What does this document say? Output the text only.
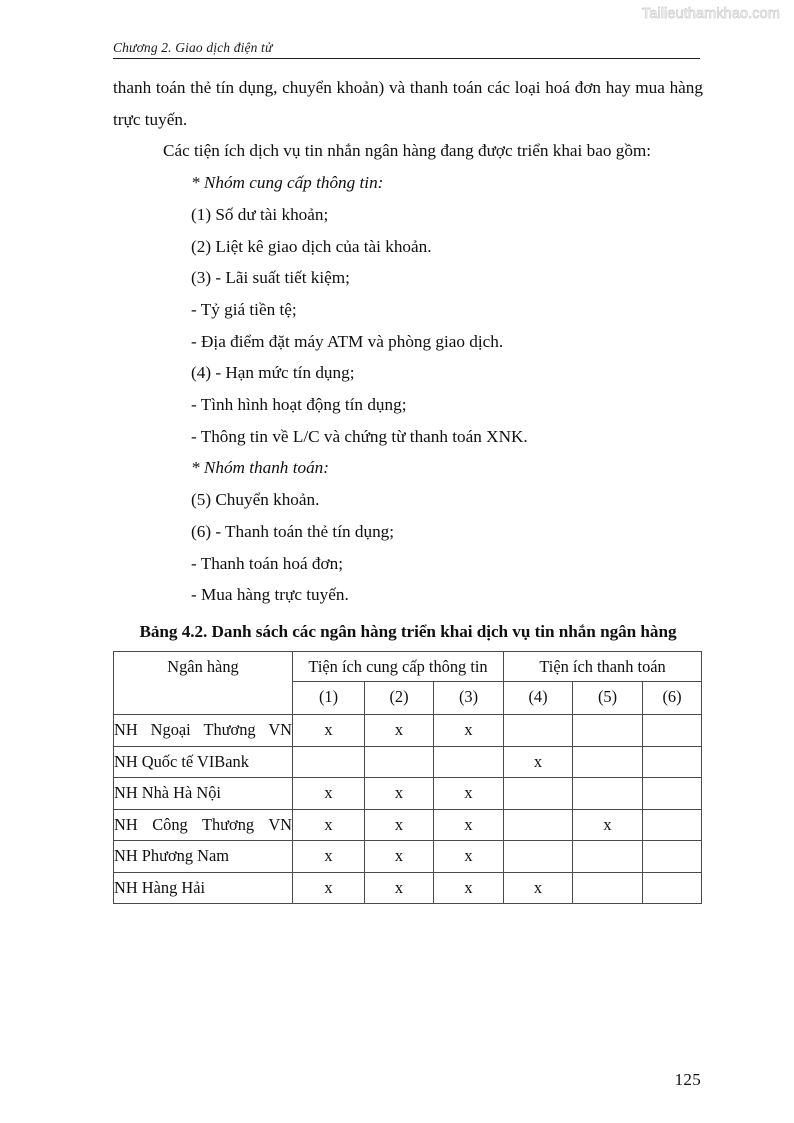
Tailieuthamkhao.com
Chương 2. Giao dịch điện tử

thanh toán thẻ tín dụng, chuyển khoản) và thanh toán các loại hoá đơn hay mua hàng trực tuyến.

Các tiện ích dịch vụ tin nhắn ngân hàng đang được triển khai bao gồm:

* Nhóm cung cấp thông tin:

(1) Số dư tài khoản;

(2) Liệt kê giao dịch của tài khoản.

(3) - Lãi suất tiết kiệm;

- Tỷ giá tiền tệ;

- Địa điểm đặt máy ATM và phòng giao dịch.

(4) - Hạn mức tín dụng;

- Tình hình hoạt động tín dụng;

- Thông tin về L/C và chứng từ thanh toán XNK.

* Nhóm thanh toán:

(5) Chuyển khoản.

(6) - Thanh toán thẻ tín dụng;

- Thanh toán hoá đơn;

- Mua hàng trực tuyến.

Bảng 4.2. Danh sách các ngân hàng triển khai dịch vụ tin nhắn ngân hàng
Ngân hàng	Tiện ích cung cấp thông tin			Tiện ích thanh toán		
	(1)	(2)	(3)	(4)	(5)	(6)
NH Ngoại Thương VN	x	x	x			
NH Quốc tế VIBank				x		
NH Nhà Hà Nội	x	x	x			
NH Công Thương VN	x	x	x		x	
NH Phương Nam	x	x	x			
NH Hàng Hải	x	x	x	x		
125
